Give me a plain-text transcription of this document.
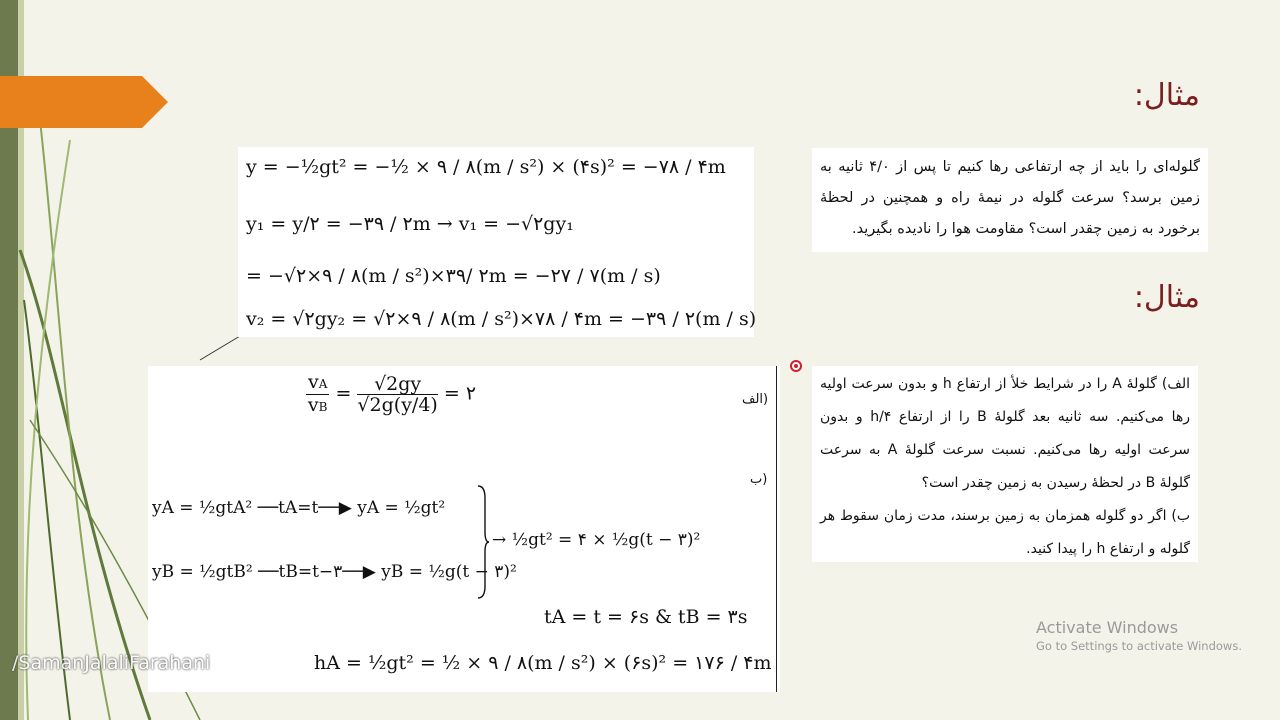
مثال:
مثال:
گلوله‌ای را باید از چه ارتفاعی رها کنیم تا پس از ۴/۰ ثانیه به زمین برسد؟ سرعت گلوله در نیمهٔ راه و همچنین در لحظهٔ برخورد به زمین چقدر است؟ مقاومت هوا را نادیده بگیرید.
الف) گلولهٔ A را در شرایط خلأ از ارتفاع h و بدون سرعت اولیه رها می‌کنیم. سه ثانیه بعد گلولهٔ B را از ارتفاع h/۴ و بدون سرعت اولیه رها می‌کنیم. نسبت سرعت گلولهٔ A به سرعت گلولهٔ B در لحظهٔ رسیدن به زمین چقدر است؟
ب) اگر دو گلوله همزمان به زمین برسند، مدت زمان سقوط هر گلوله و ارتفاع h را پیدا کنید.
y = −½gt² = −½ × ۹ / ۸(m / s²) × (۴s)² = −۷۸ / ۴m
y₁ = y/۲ = −۳۹ / ۲m → v₁ = −√۲gy₁
= −√۲×۹ / ۸(m / s²)×۳۹/ ۲m = −۲۷ / ۷(m / s)
v₂ = √۲gy₂ = √۲×۹ / ۸(m / s²)×۷۸ / ۴m = −۳۹ / ۲(m / s)
الف)
ب)
$\frac{vA}{vB} = \frac{√2gy}{√2g(y/4)}$ = ۲
yA = ½gtA² ──tA=t──▶ yA = ½gt²
yB = ½gtB² ──tB=t−۳──▶ yB = ½g(t − ۳)²
→ ½gt² = ۴ × ½g(t − ۳)²
tA = t = ۶s & tB = ۳s
hA = ½gt² = ½ × ۹ / ۸(m / s²) × (۶s)² = ۱۷۶ / ۴m
/SamanJalaliFarahani
Activate Windows
Go to Settings to activate Windows.
